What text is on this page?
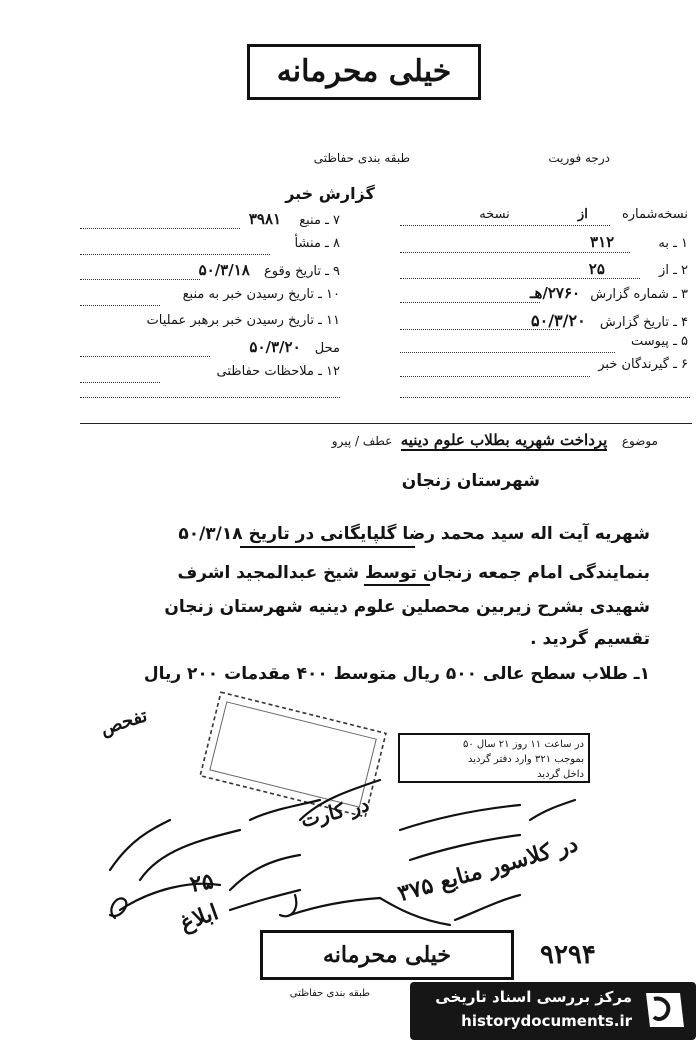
خیلی محرمانه
درجه فوریت
طبقه بندی حفاظتی
گزارش خبر
نسخه‌شماره از نسخه
۱ ـ به ۳۱۲
۲ ـ از ۲۵
۳ ـ شماره گزارش ۲۷۶۰/هـ
۴ ـ تاریخ گزارش ۵۰/۳/۲۰
۵ ـ پیوست
۶ ـ گیرندگان خبر
۷ ـ منبع ۳۹۸۱
۸ ـ منشأ
۹ ـ تاریخ وقوع ۵۰/۳/۱۸
۱۰ ـ تاریخ رسیدن خبر به منبع
۱۱ ـ تاریخ رسیدن خبر برهبر عملیات
محل ۵۰/۳/۲۰
۱۲ ـ ملاحظات حفاظتی
موضوع پرداخت شهریه بطلاب علوم دینیه عطف / پیرو
شهرستان زنجان
شهریه آیت اله سید محمد رضا گلپایگانی در تاریخ ۵۰/۳/۱۸
بنمایندگی امام جمعه زنجان توسط شیخ عبدالمجید اشرف
شهیدی بشرح زیربین محصلین علوم دینیه شهرستان زنجان
تقسیم گردید .
۱ـ طلاب سطح عالی ۵۰۰ ریال متوسط ۴۰۰ مقدمات ۲۰۰ ریال
تفحص
در ساعت ۱۱ روز ۲۱ سال ۵۰
بموجب ۳۲۱ وارد دفتر گردید
داخل گردید
در کارت
۲۵
ابلاغ
در کلاسور منابع ۳۷۵
۹۲۹۴
خیلی محرمانه
طبقه بندی حفاظتی	مرکز بررسی اسناد تاریخی
historydocuments.ir
